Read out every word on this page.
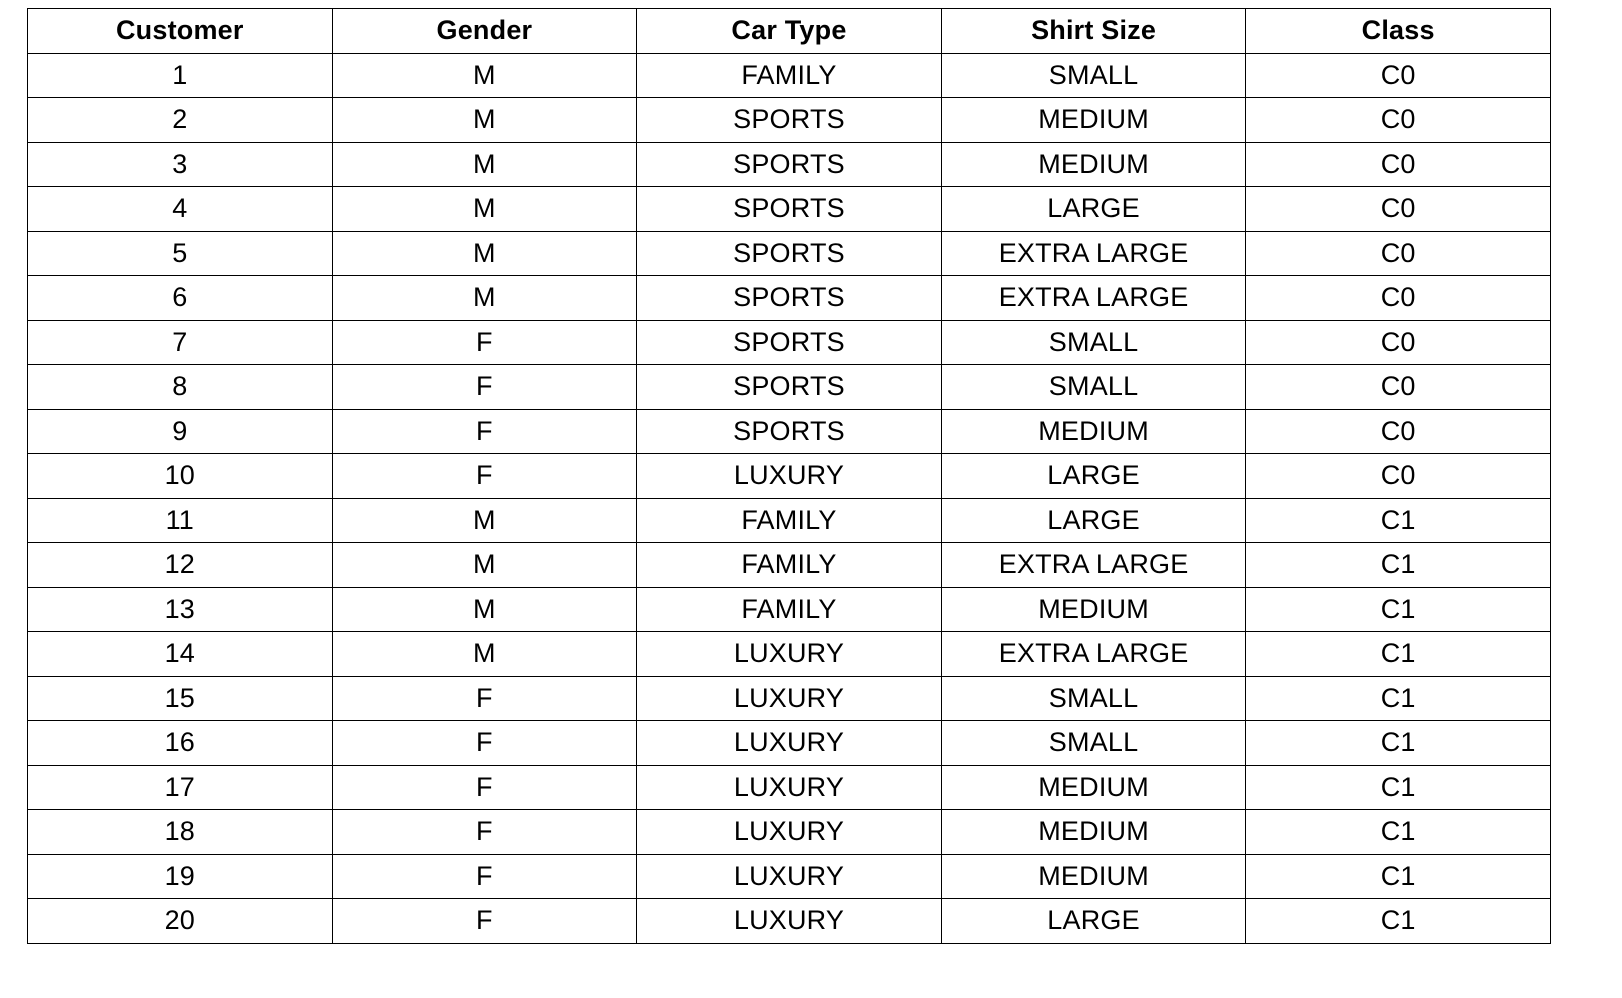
Customer	Gender	Car Type	Shirt Size	Class
1	M	FAMILY	SMALL	C0
2	M	SPORTS	MEDIUM	C0
3	M	SPORTS	MEDIUM	C0
4	M	SPORTS	LARGE	C0
5	M	SPORTS	EXTRA LARGE	C0
6	M	SPORTS	EXTRA LARGE	C0
7	F	SPORTS	SMALL	C0
8	F	SPORTS	SMALL	C0
9	F	SPORTS	MEDIUM	C0
10	F	LUXURY	LARGE	C0
11	M	FAMILY	LARGE	C1
12	M	FAMILY	EXTRA LARGE	C1
13	M	FAMILY	MEDIUM	C1
14	M	LUXURY	EXTRA LARGE	C1
15	F	LUXURY	SMALL	C1
16	F	LUXURY	SMALL	C1
17	F	LUXURY	MEDIUM	C1
18	F	LUXURY	MEDIUM	C1
19	F	LUXURY	MEDIUM	C1
20	F	LUXURY	LARGE	C1
